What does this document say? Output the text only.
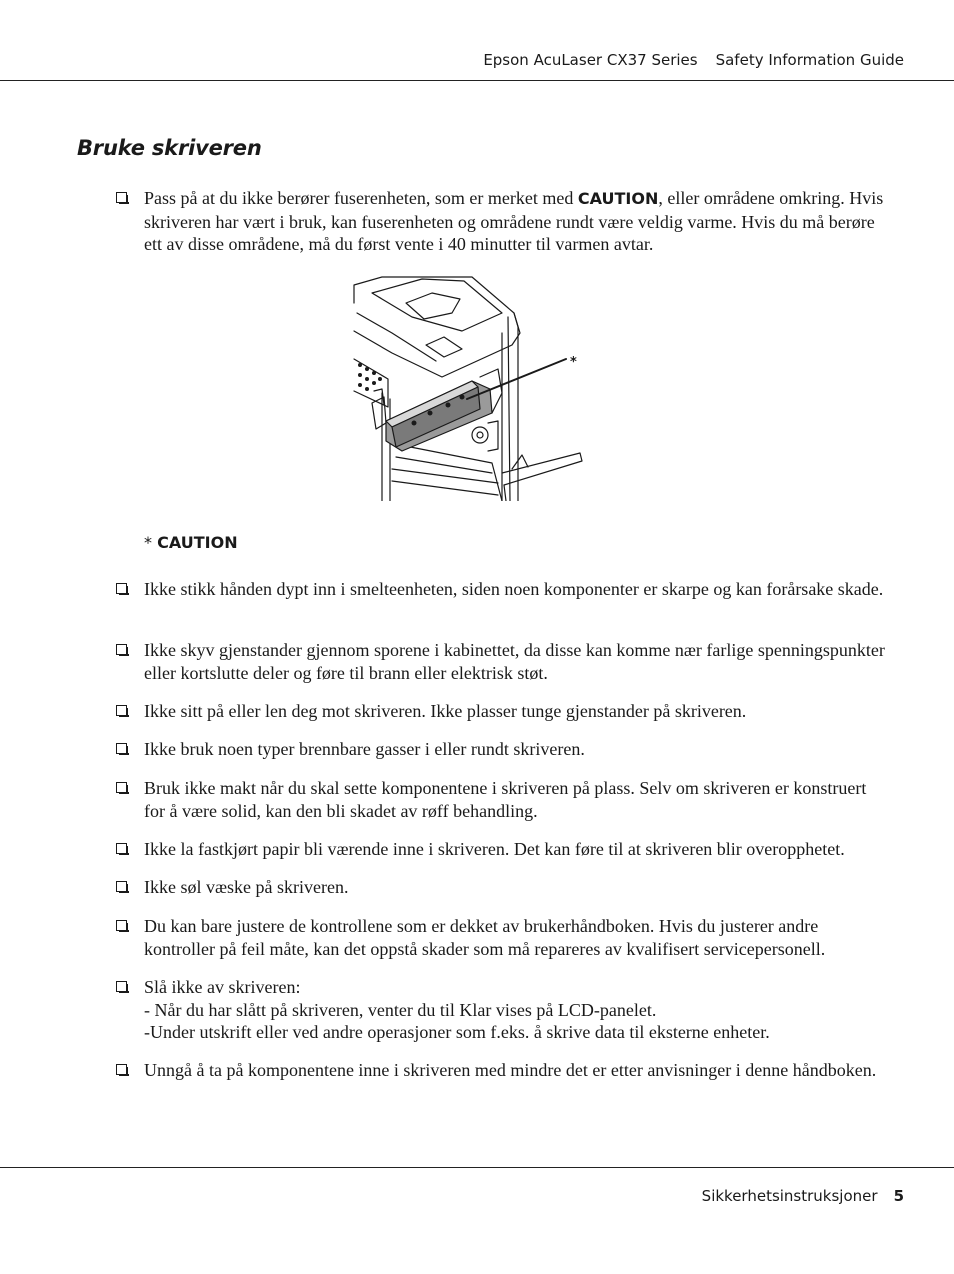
Epson AcuLaser CX37 Series Safety Information Guide
Bruke skriveren
Pass på at du ikke berører fuserenheten, som er merket med CAUTION, eller områdene omkring. Hvis skriveren har vært i bruk, kan fuserenheten og områdene rundt være veldig varme. Hvis du må berøre ett av disse områdene, må du først vente i 40 minutter til varmen avtar.
*
* CAUTION
Ikke stikk hånden dypt inn i smelteenheten, siden noen komponenter er skarpe og kan forårsake skade.
Ikke skyv gjenstander gjennom sporene i kabinettet, da disse kan komme nær farlige spenningspunkter eller kortslutte deler og føre til brann eller elektrisk støt.
Ikke sitt på eller len deg mot skriveren. Ikke plasser tunge gjenstander på skriveren.
Ikke bruk noen typer brennbare gasser i eller rundt skriveren.
Bruk ikke makt når du skal sette komponentene i skriveren på plass. Selv om skriveren er konstruert for å være solid, kan den bli skadet av røff behandling.
Ikke la fastkjørt papir bli værende inne i skriveren. Det kan føre til at skriveren blir overopphetet.
Ikke søl væske på skriveren.
Du kan bare justere de kontrollene som er dekket av brukerhåndboken. Hvis du justerer andre kontroller på feil måte, kan det oppstå skader som må repareres av kvalifisert servicepersonell.
Slå ikke av skriveren:
- Når du har slått på skriveren, venter du til Klar vises på LCD-panelet.
-Under utskrift eller ved andre operasjoner som f.eks. å skrive data til eksterne enheter.
Unngå å ta på komponentene inne i skriveren med mindre det er etter anvisninger i denne håndboken.
Sikkerhetsinstruksjoner 5
